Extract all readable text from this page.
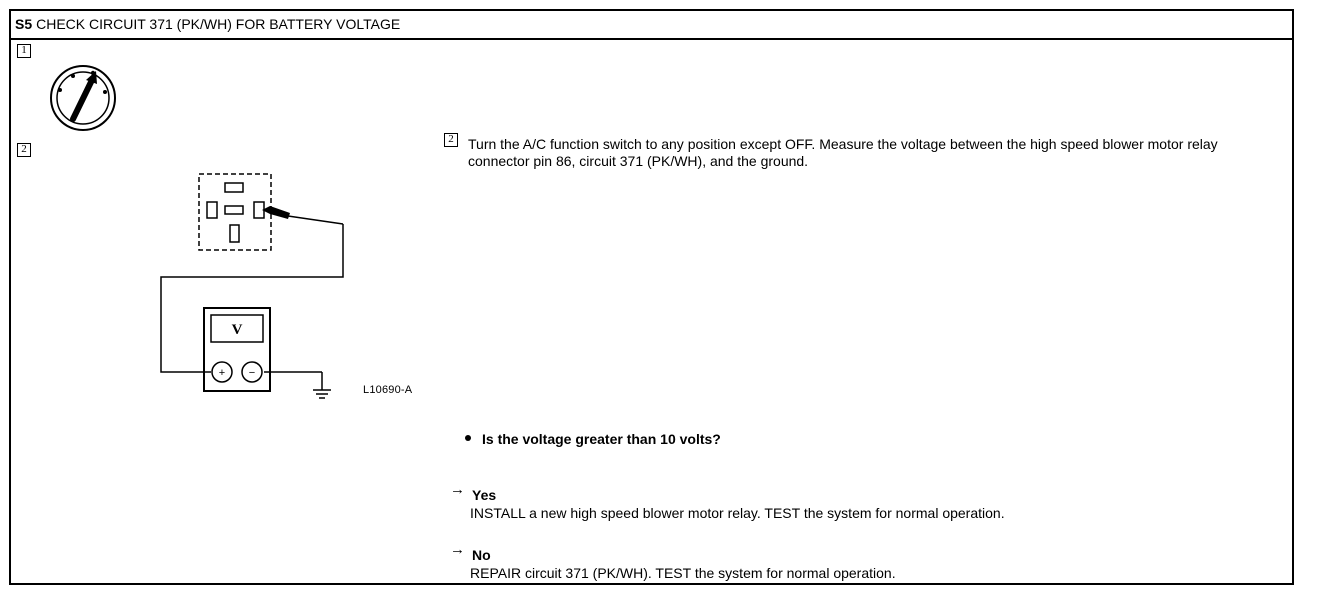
S5 CHECK CIRCUIT 371 (PK/WH) FOR BATTERY VOLTAGE
1
2
V
+ −
L10690-A
2	Turn the A/C function switch to any position except OFF. Measure the voltage between the high speed blower motor relay connector pin 86, circuit 371 (PK/WH), and the ground.
Is the voltage greater than 10 volts?
→ Yes
INSTALL a new high speed blower motor relay. TEST the system for normal operation.
→ No
REPAIR circuit 371 (PK/WH). TEST the system for normal operation.
